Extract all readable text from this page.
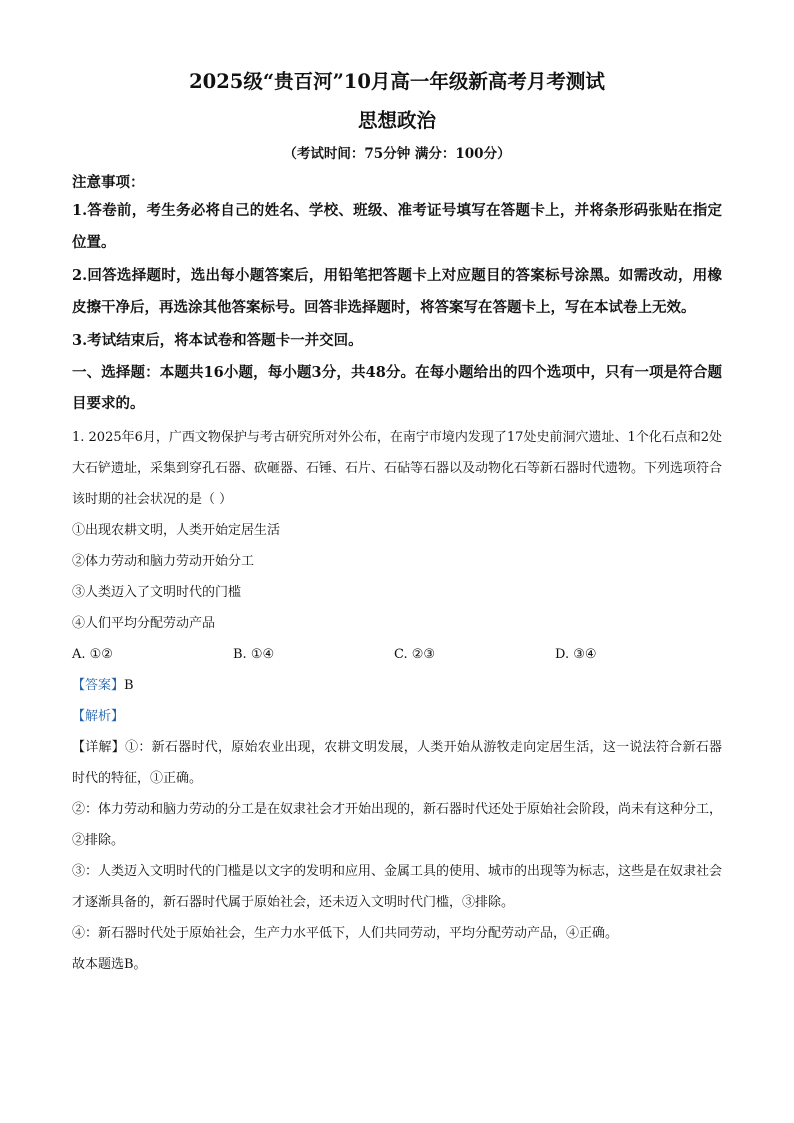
2025级“贵百河”10月高一年级新高考月考测试
思想政治
（考试时间：75分钟 满分：100分）
注意事项：
1.答卷前，考生务必将自己的姓名、学校、班级、准考证号填写在答题卡上，并将条形码张贴在指定位置。
2.回答选择题时，选出每小题答案后，用铅笔把答题卡上对应题目的答案标号涂黑。如需改动，用橡皮擦干净后，再选涂其他答案标号。回答非选择题时，将答案写在答题卡上，写在本试卷上无效。
3.考试结束后，将本试卷和答题卡一并交回。
一、选择题：本题共16小题，每小题3分，共48分。在每小题给出的四个选项中，只有一项是符合题目要求的。
1. 2025年6月，广西文物保护与考古研究所对外公布，在南宁市境内发现了17处史前洞穴遗址、1个化石点和2处大石铲遗址，采集到穿孔石器、砍砸器、石锤、石片、石砧等石器以及动物化石等新石器时代遗物。下列选项符合该时期的社会状况的是（ ）
①出现农耕文明，人类开始定居生活
②体力劳动和脑力劳动开始分工
③人类迈入了文明时代的门槛
④人们平均分配劳动产品
A. ①②	B. ①④	C. ②③	D. ③④
【答案】B
【解析】
【详解】①：新石器时代，原始农业出现，农耕文明发展，人类开始从游牧走向定居生活，这一说法符合新石器时代的特征，①正确。
②：体力劳动和脑力劳动的分工是在奴隶社会才开始出现的，新石器时代还处于原始社会阶段，尚未有这种分工，②排除。
③：人类迈入文明时代的门槛是以文字的发明和应用、金属工具的使用、城市的出现等为标志，这些是在奴隶社会才逐渐具备的，新石器时代属于原始社会，还未迈入文明时代门槛，③排除。
④：新石器时代处于原始社会，生产力水平低下，人们共同劳动，平均分配劳动产品，④正确。
故本题选B。
